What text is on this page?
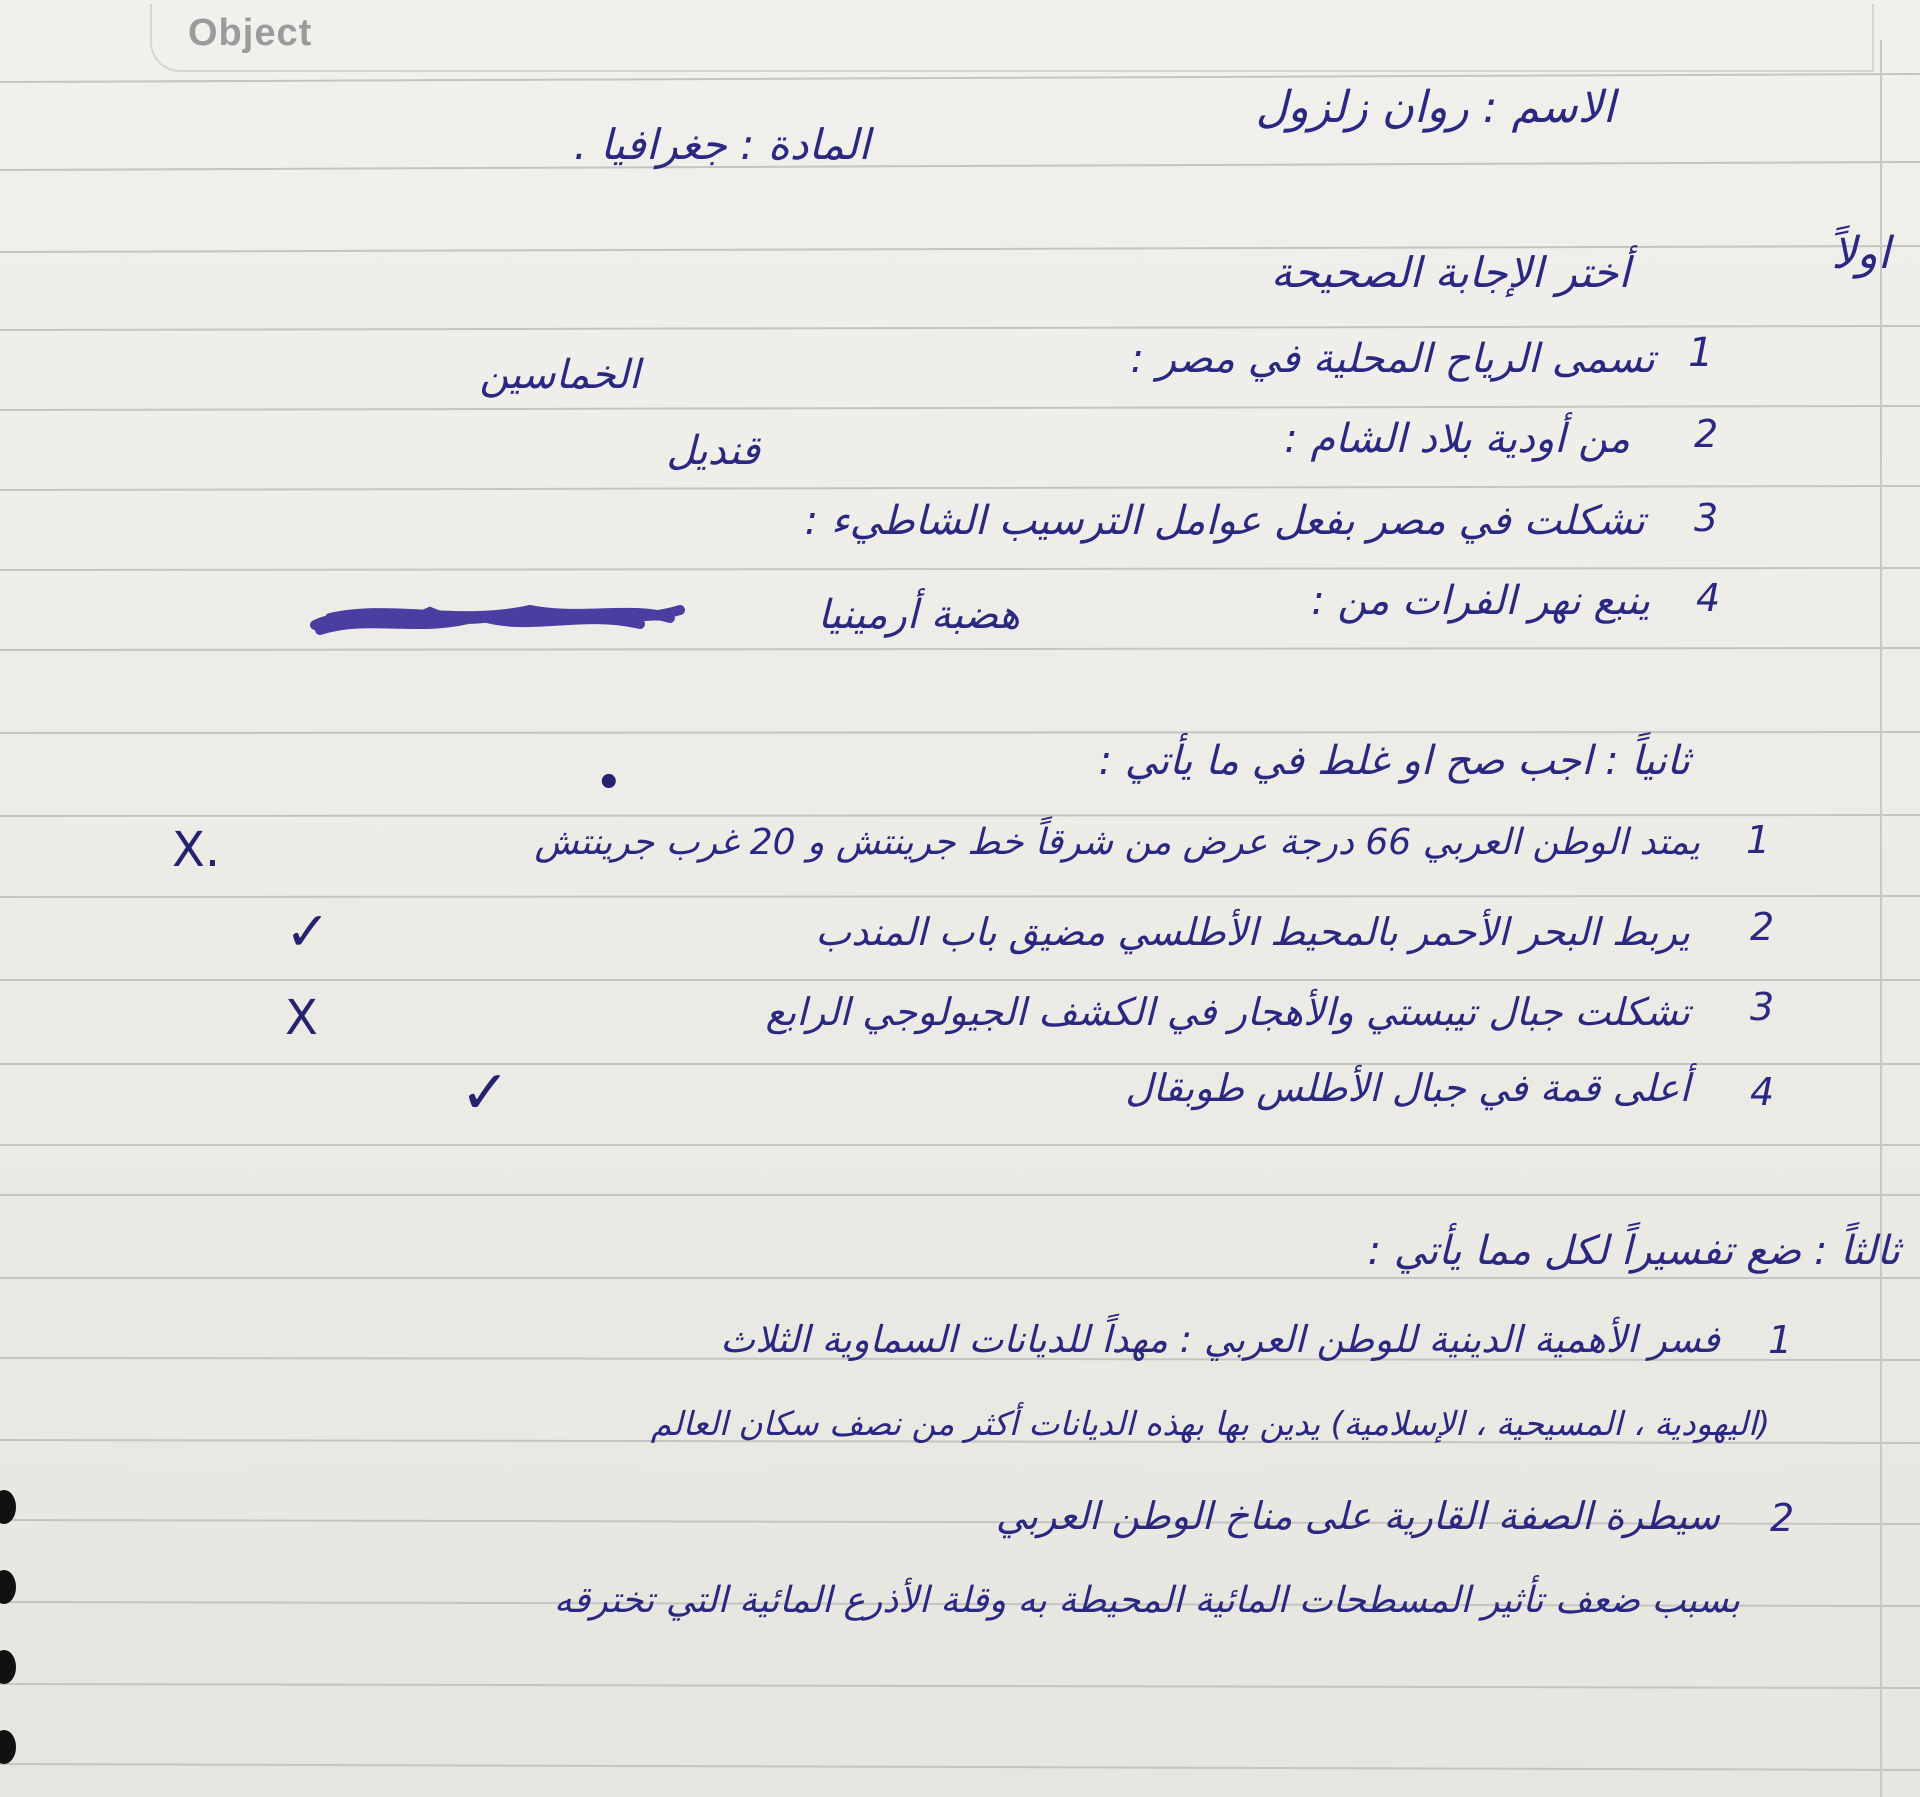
Object
الاسم : روان زلزول
المادة : جغرافيا .
اولاً
أختر الإجابة الصحيحة
1
تسمى الرياح المحلية في مصر :
الخماسين
2
من أودية بلاد الشام :
قنديل
3
تشكلت في مصر بفعل عوامل الترسيب الشاطيء :
4
ينبع نهر الفرات من :
هضبة أرمينيا
ثانياً : اجب صح او غلط في ما يأتي :
•
1
يمتد الوطن العربي 66 درجة عرض من شرقاً خط جرينتش و 20 غرب جرينتش
X.
2
يربط البحر الأحمر بالمحيط الأطلسي مضيق باب المندب
✓
3
تشكلت جبال تيبستي والأهجار في الكشف الجيولوجي الرابع
X
4
أعلى قمة في جبال الأطلس طوبقال
✓
ثالثاً : ضع تفسيراً لكل مما يأتي :
1
فسر الأهمية الدينية للوطن العربي : مهداً للديانات السماوية الثلاث
(اليهودية ، المسيحية ، الإسلامية) يدين بها بهذه الديانات أكثر من نصف سكان العالم
2
سيطرة الصفة القارية على مناخ الوطن العربي
بسبب ضعف تأثير المسطحات المائية المحيطة به وقلة الأذرع المائية التي تخترقه
